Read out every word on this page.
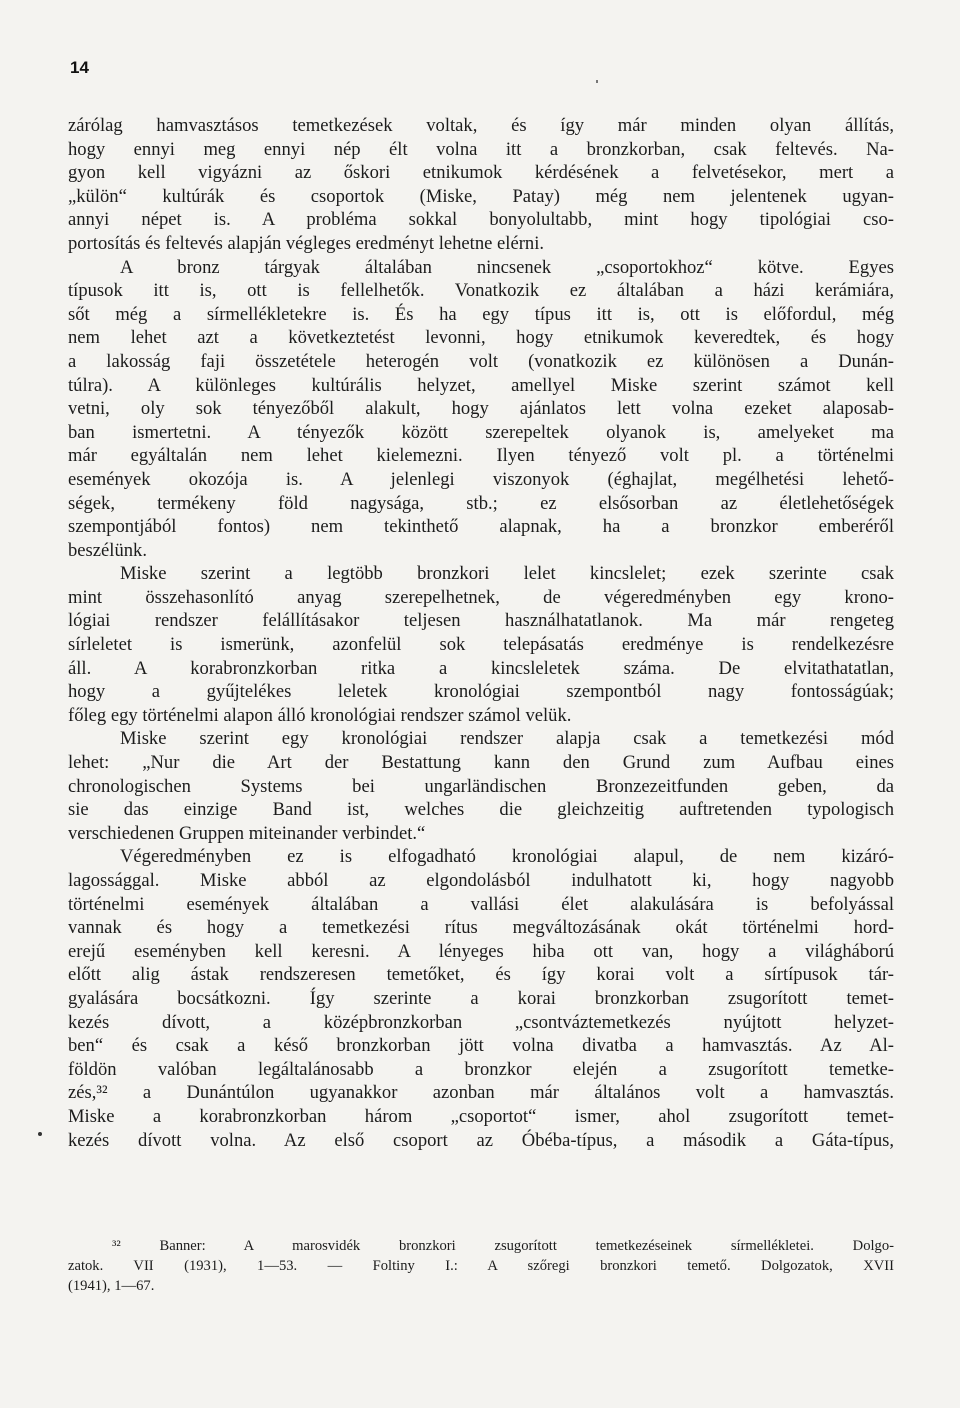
14
zárólag hamvasztásos temetkezések voltak, és így már minden olyan állítás,
hogy ennyi meg ennyi nép élt volna itt a bronzkorban, csak feltevés. Na-
gyon kell vigyázni az őskori etnikumok kérdésének a felvetésekor, mert a
„külön“ kultúrák és csoportok (Miske, Patay) még nem jelentenek ugyan-
annyi népet is. A probléma sokkal bonyolultabb, mint hogy tipológiai cso-
portosítás és feltevés alapján végleges eredményt lehetne elérni.
A bronz tárgyak általában nincsenek „csoportokhoz“ kötve. Egyes
típusok itt is, ott is fellelhetők. Vonatkozik ez általában a házi kerámiára,
sőt még a sírmellékletekre is. És ha egy típus itt is, ott is előfordul, még
nem lehet azt a következtetést levonni, hogy etnikumok keveredtek, és hogy
a lakosság faji összetétele heterogén volt (vonatkozik ez különösen a Dunán-
túlra). A különleges kultúrális helyzet, amellyel Miske szerint számot kell
vetni, oly sok tényezőből alakult, hogy ajánlatos lett volna ezeket alaposab-
ban ismertetni. A tényezők között szerepeltek olyanok is, amelyeket ma
már egyáltalán nem lehet kielemezni. Ilyen tényező volt pl. a történelmi
események okozója is. A jelenlegi viszonyok (éghajlat, megélhetési lehető-
ségek, termékeny föld nagysága, stb.; ez elsősorban az életlehetőségek
szempontjából fontos) nem tekinthető alapnak, ha a bronzkor emberéről
beszélünk.
Miske szerint a legtöbb bronzkori lelet kincslelet; ezek szerinte csak
mint összehasonlító anyag szerepelhetnek, de végeredményben egy krono-
lógiai rendszer felállításakor teljesen használhatatlanok. Ma már rengeteg
sírleletet is ismerünk, azonfelül sok telepásatás eredménye is rendelkezésre
áll. A korabronzkorban ritka a kincsleletek száma. De elvitathatatlan,
hogy a gyűjtelékes leletek kronológiai szempontból nagy fontosságúak;
főleg egy történelmi alapon álló kronológiai rendszer számol velük.
Miske szerint egy kronológiai rendszer alapja csak a temetkezési mód
lehet: „Nur die Art der Bestattung kann den Grund zum Aufbau eines
chronologischen Systems bei ungarländischen Bronzezeitfunden geben, da
sie das einzige Band ist, welches die gleichzeitig auftretenden typologisch
verschiedenen Gruppen miteinander verbindet.“
Végeredményben ez is elfogadható kronológiai alapul, de nem kizáró-
lagossággal. Miske abból az elgondolásból indulhatott ki, hogy nagyobb
történelmi események általában a vallási élet alakulására is befolyással
vannak és hogy a temetkezési rítus megváltozásának okát történelmi hord-
erejű eseményben kell keresni. A lényeges hiba ott van, hogy a világháború
előtt alig ástak rendszeresen temetőket, és így korai volt a sírtípusok tár-
gyalására bocsátkozni. Így szerinte a korai bronzkorban zsugorított temet-
kezés dívott, a középbronzkorban „csontváztemetkezés nyújtott helyzet-
ben“ és csak a késő bronzkorban jött volna divatba a hamvasztás. Az Al-
földön valóban legáltalánosabb a bronzkor elején a zsugorított temetke-
zés,³² a Dunántúlon ugyanakkor azonban már általános volt a hamvasztás.
Miske a korabronzkorban három „csoportot“ ismer, ahol zsugorított temet-
kezés dívott volna. Az első csoport az Óbéba-típus, a második a Gáta-típus,
³² Banner: A marosvidék bronzkori zsugorított temetkezéseinek sírmellékletei. Dolgo-
zatok. VII (1931), 1—53. — Foltiny I.: A szőregi bronzkori temető. Dolgozatok, XVII
(1941), 1—67.
